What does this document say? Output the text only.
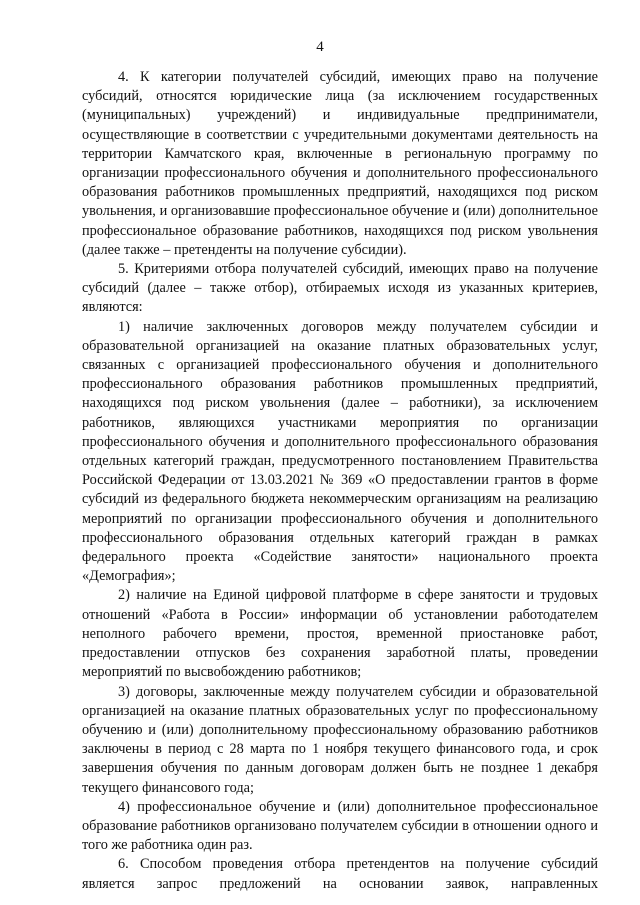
4

4. К категории получателей субсидий, имеющих право на получение субсидий, относятся юридические лица (за исключением государственных (муниципальных) учреждений) и индивидуальные предприниматели, осуществляющие в соответствии с учредительными документами деятельность на территории Камчатского края, включенные в региональную программу по организации профессионального обучения и дополнительного профессионального образования работников промышленных предприятий, находящихся под риском увольнения, и организовавшие профессиональное обучение и (или) дополнительное профессиональное образование работников, находящихся под риском увольнения (далее также – претенденты на получение субсидии).

5. Критериями отбора получателей субсидий, имеющих право на получение субсидий (далее – также отбор), отбираемых исходя из указанных критериев, являются:

1) наличие заключенных договоров между получателем субсидии и образовательной организацией на оказание платных образовательных услуг, связанных с организацией профессионального обучения и дополнительного профессионального образования работников промышленных предприятий, находящихся под риском увольнения (далее – работники), за исключением работников, являющихся участниками мероприятия по организации профессионального обучения и дополнительного профессионального образования отдельных категорий граждан, предусмотренного постановлением Правительства Российской Федерации от 13.03.2021 № 369 «О предоставлении грантов в форме субсидий из федерального бюджета некоммерческим организациям на реализацию мероприятий по организации профессионального обучения и дополнительного профессионального образования отдельных категорий граждан в рамках федерального проекта «Содействие занятости» национального проекта «Демография»;

2) наличие на Единой цифровой платформе в сфере занятости и трудовых отношений «Работа в России» информации об установлении работодателем неполного рабочего времени, простоя, временной приостановке работ, предоставлении отпусков без сохранения заработной платы, проведении мероприятий по высвобождению работников;

3) договоры, заключенные между получателем субсидии и образовательной организацией на оказание платных образовательных услуг по профессиональному обучению и (или) дополнительному профессиональному образованию работников заключены в период с 28 марта по 1 ноября текущего финансового года, и срок завершения обучения по данным договорам должен быть не позднее 1 декабря текущего финансового года;

4) профессиональное обучение и (или) дополнительное профессиональное образование работников организовано получателем субсидии в отношении одного и того же работника один раз.

6. Способом проведения отбора претендентов на получение субсидий является запрос предложений на основании заявок, направленных
